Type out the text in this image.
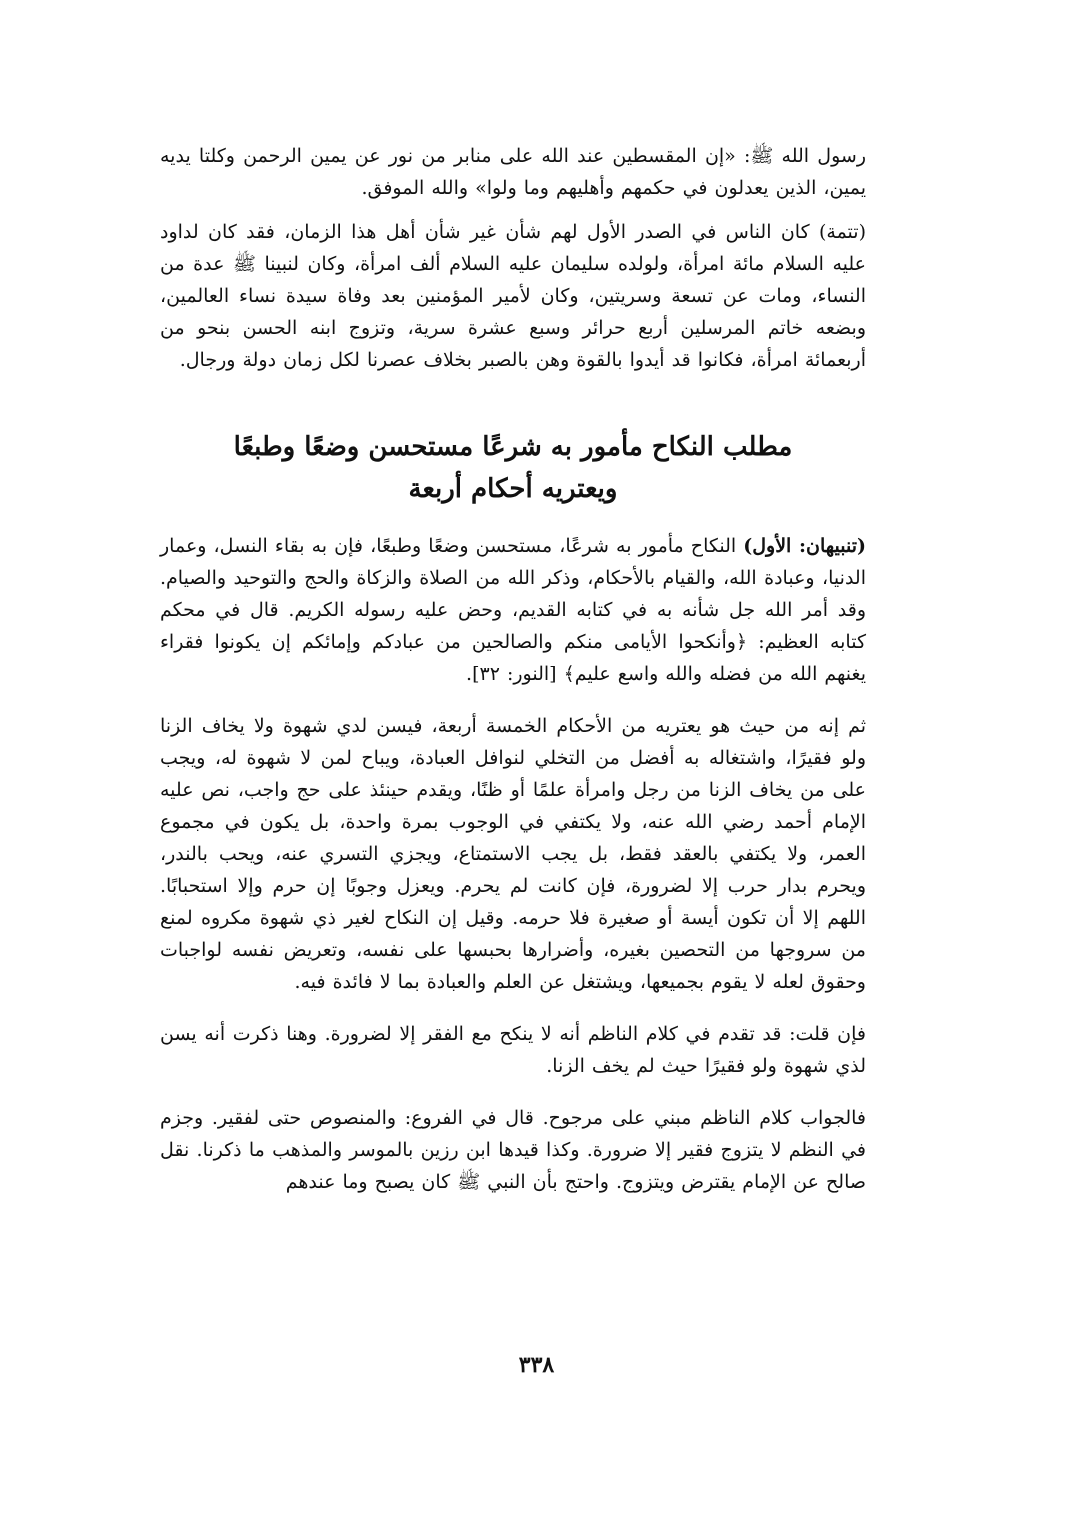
رسول الله ﷺ: «إن المقسطين عند الله على منابر من نور عن يمين الرحمن وكلتا يديه يمين، الذين يعدلون في حكمهم وأهليهم وما ولوا» والله الموفق.

(تتمة) كان الناس في الصدر الأول لهم شأن غير شأن أهل هذا الزمان، فقد كان لداود عليه السلام مائة امرأة، ولولده سليمان عليه السلام ألف امرأة، وكان لنبينا ﷺ عدة من النساء، ومات عن تسعة وسريتين، وكان لأمير المؤمنين بعد وفاة سيدة نساء العالمين، وبضعه خاتم المرسلين أربع حرائر وسبع عشرة سرية، وتزوج ابنه الحسن بنحو من أربعمائة امرأة، فكانوا قد أيدوا بالقوة وهن بالصبر بخلاف عصرنا لكل زمان دولة ورجال.

مطلب النكاح مأمور به شرعًا مستحسن وضعًا وطبعًا
ويعتريه أحكام أربعة

(تنبيهان: الأول) النكاح مأمور به شرعًا، مستحسن وضعًا وطبعًا، فإن به بقاء النسل، وعمار الدنيا، وعبادة الله، والقيام بالأحكام، وذكر الله من الصلاة والزكاة والحج والتوحيد والصيام. وقد أمر الله جل شأنه به في كتابه القديم، وحض عليه رسوله الكريم. قال في محكم كتابه العظيم: ﴿وأنكحوا الأيامى منكم والصالحين من عبادكم وإمائكم إن يكونوا فقراء يغنهم الله من فضله والله واسع عليم﴾ [النور: ٣٢].

ثم إنه من حيث هو يعتريه من الأحكام الخمسة أربعة، فيسن لدي شهوة ولا يخاف الزنا ولو فقيرًا، واشتغاله به أفضل من التخلي لنوافل العبادة، ويباح لمن لا شهوة له، ويجب على من يخاف الزنا من رجل وامرأة علمًا أو ظنًا، ويقدم حينئذ على حج واجب، نص عليه الإمام أحمد رضي الله عنه، ولا يكتفي في الوجوب بمرة واحدة، بل يكون في مجموع العمر، ولا يكتفي بالعقد فقط، بل يجب الاستمتاع، ويجزي التسري عنه، ويحب بالندر، ويحرم بدار حرب إلا لضرورة، فإن كانت لم يحرم. ويعزل وجوبًا إن حرم وإلا استحبابًا. اللهم إلا أن تكون أيسة أو صغيرة فلا حرمه. وقيل إن النكاح لغير ذي شهوة مكروه لمنع من سروجها من التحصين بغيره، وأضرارها بحبسها على نفسه، وتعريض نفسه لواجبات وحقوق لعله لا يقوم بجميعها، ويشتغل عن العلم والعبادة بما لا فائدة فيه.

فإن قلت: قد تقدم في كلام الناظم أنه لا ينكح مع الفقر إلا لضرورة. وهنا ذكرت أنه يسن لذي شهوة ولو فقيرًا حيث لم يخف الزنا.

فالجواب كلام الناظم مبني على مرجوح. قال في الفروع: والمنصوص حتى لفقير. وجزم في النظم لا يتزوج فقير إلا ضرورة. وكذا قيدها ابن رزين بالموسر والمذهب ما ذكرنا. نقل صالح عن الإمام يقترض ويتزوج. واحتج بأن النبي ﷺ كان يصبح وما عندهم

٣٣٨
